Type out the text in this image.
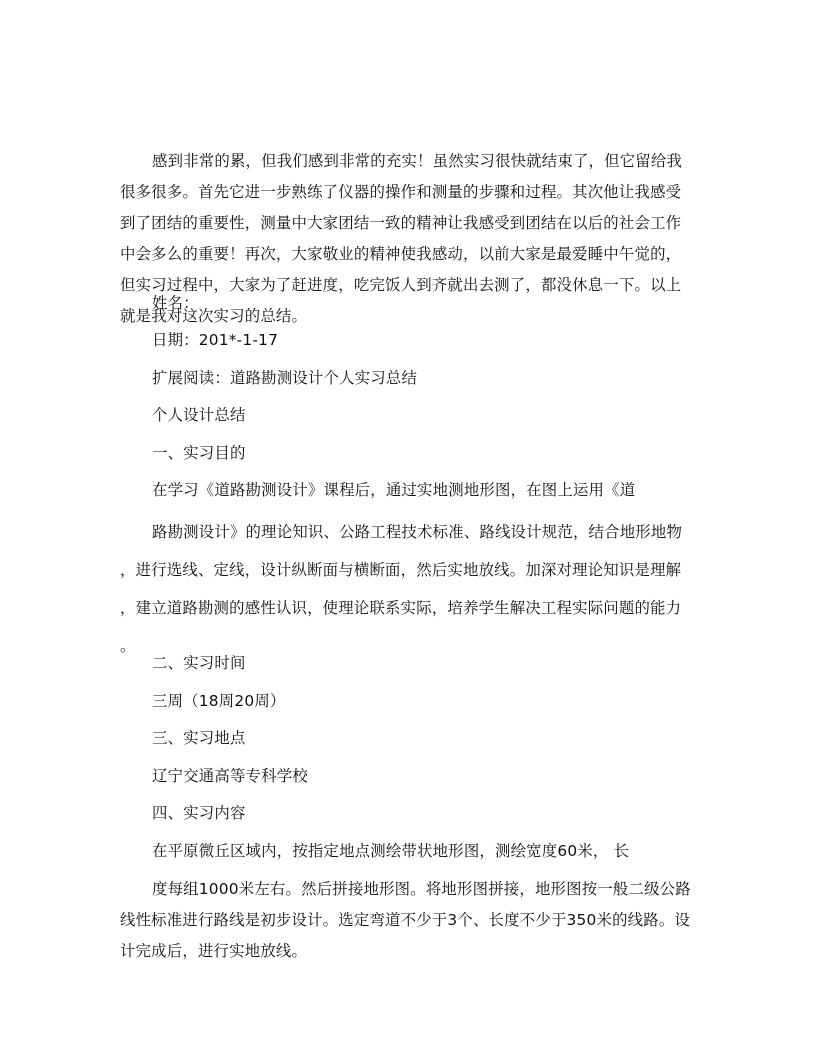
感到非常的累，但我们感到非常的充实！虽然实习很快就结束了，但它留给我
很多很多。首先它进一步熟练了仪器的操作和测量的步骤和过程。其次他让我感受
到了团结的重要性，测量中大家团结一致的精神让我感受到团结在以后的社会工作
中会多么的重要！再次，大家敬业的精神使我感动，以前大家是最爱睡中午觉的，
但实习过程中，大家为了赶进度，吃完饭人到齐就出去测了，都没休息一下。以上
就是我对这次实习的总结。

姓名：

日期：201*-1-17

扩展阅读：道路勘测设计个人实习总结

个人设计总结

一、实习目的

在学习《道路勘测设计》课程后，通过实地测地形图，在图上运用《道
路勘测设计》的理论知识、公路工程技术标准、路线设计规范，结合地形地物
，进行选线、定线，设计纵断面与横断面，然后实地放线。加深对理论知识是理解
，建立道路勘测的感性认识，使理论联系实际，培养学生解决工程实际问题的能力
。

二、实习时间

三周（18周20周）

三、实习地点

辽宁交通高等专科学校

四、实习内容

在平原微丘区域内，按指定地点测绘带状地形图，测绘宽度60米， 长
度每组1000米左右。然后拼接地形图。将地形图拼接，地形图按一般二级公路
线性标准进行路线是初步设计。选定弯道不少于3个、长度不少于350米的线路。设
计完成后，进行实地放线。
